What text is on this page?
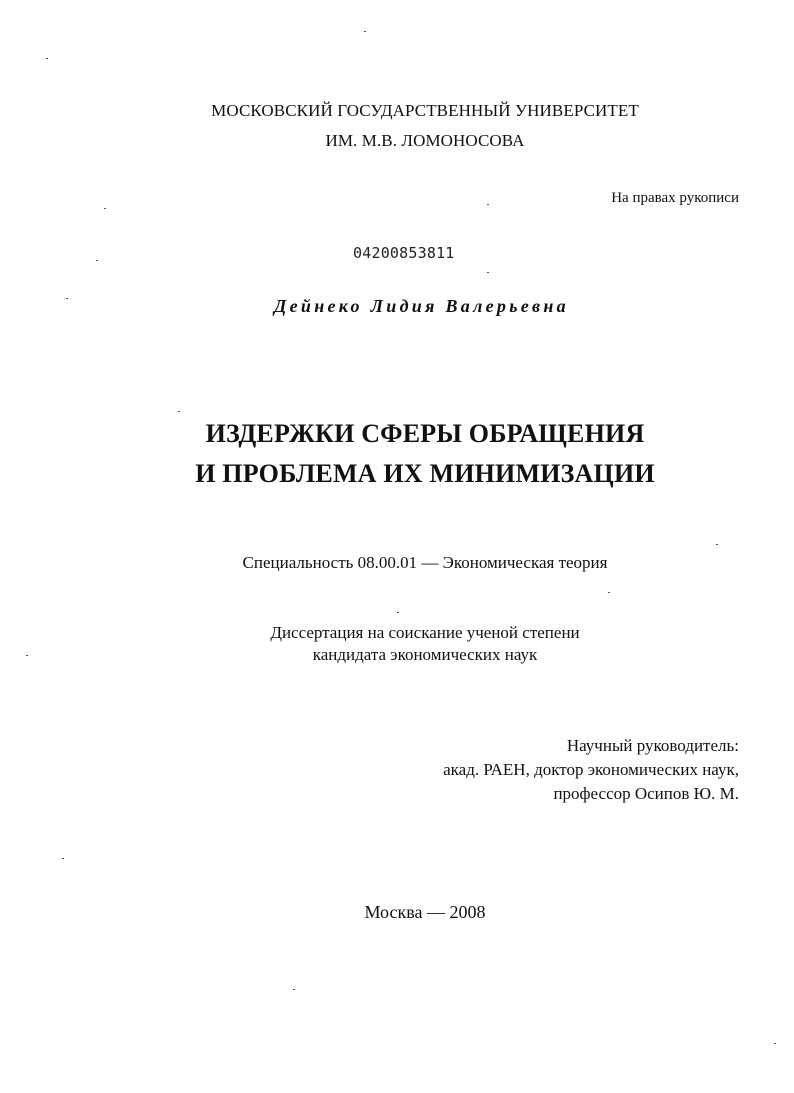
МОСКОВСКИЙ ГОСУДАРСТВЕННЫЙ УНИВЕРСИТЕТ
ИМ. М.В. ЛОМОНОСОВА
На правах рукописи
04200853811
Дейнеко Лидия Валерьевна
ИЗДЕРЖКИ СФЕРЫ ОБРАЩЕНИЯ
И ПРОБЛЕМА ИХ МИНИМИЗАЦИИ
Специальность 08.00.01 — Экономическая теория
Диссертация на соискание ученой степени
кандидата экономических наук
Научный руководитель:
акад. РАЕН, доктор экономических наук,
профессор Осипов Ю. М.
Москва — 2008
